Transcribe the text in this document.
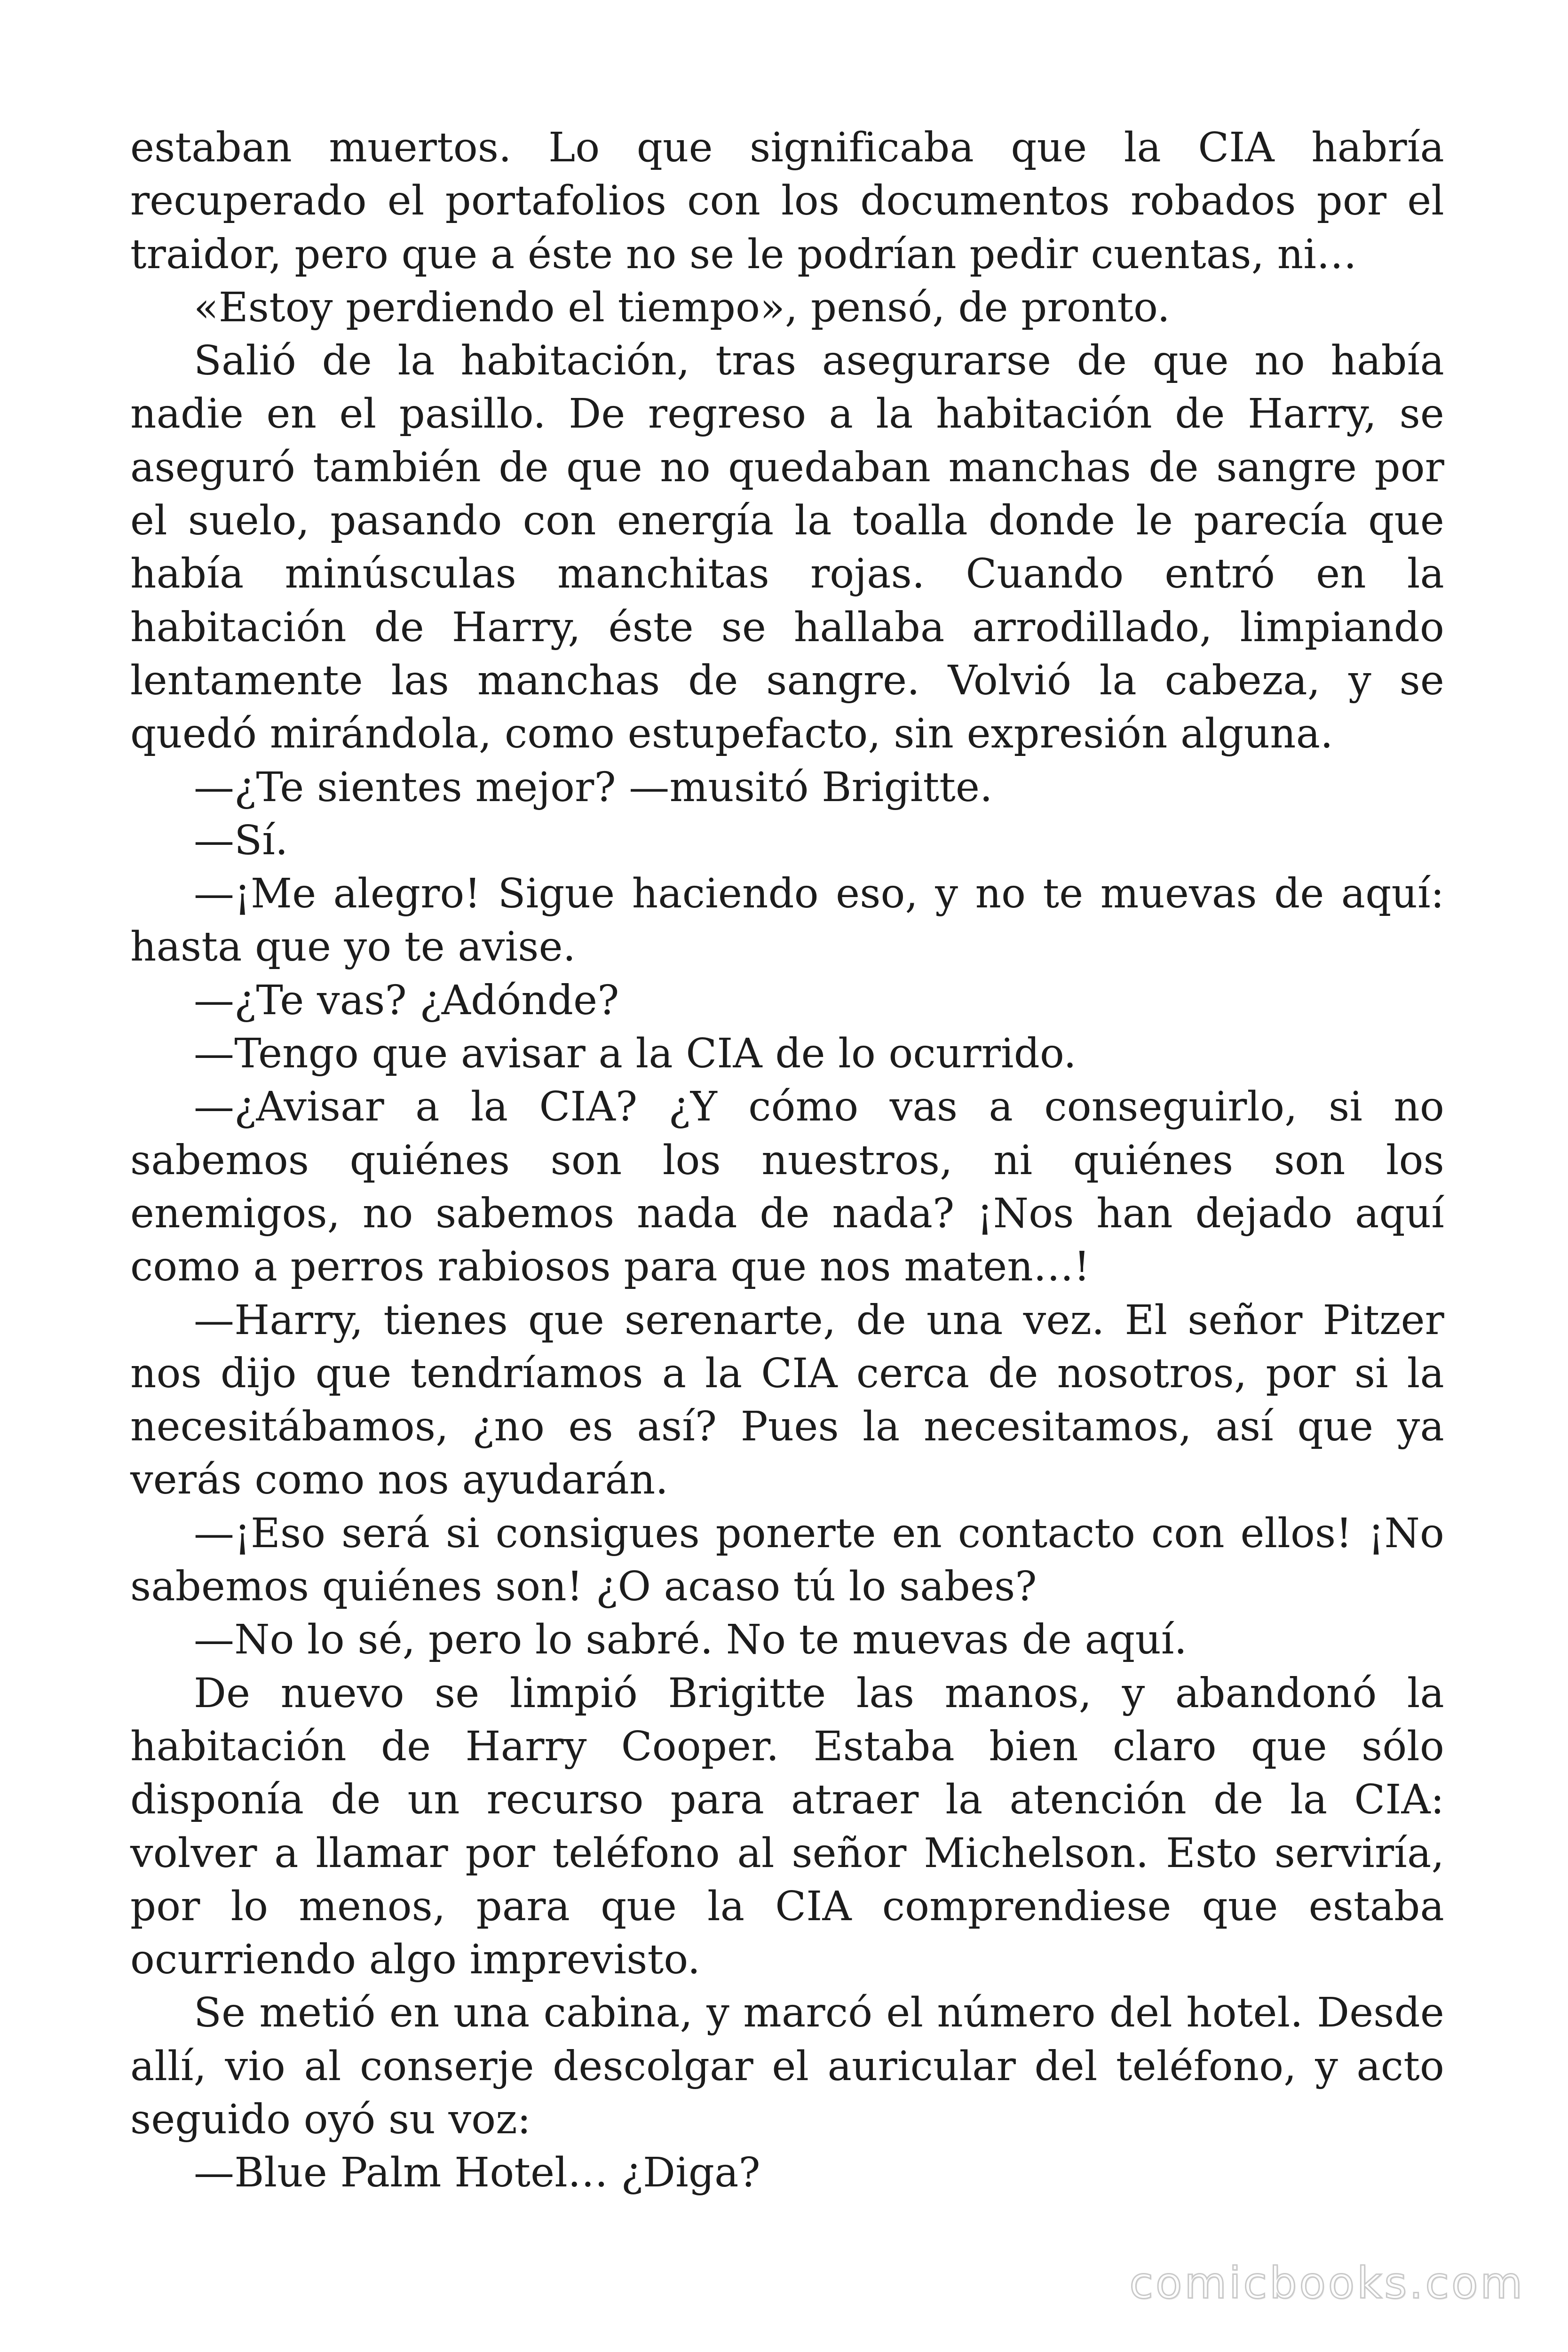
estaban muertos. Lo que significaba que la CIA habría recuperado el portafolios con los documentos robados por el traidor, pero que a éste no se le podrían pedir cuentas, ni…

«Estoy perdiendo el tiempo», pensó, de pronto.

Salió de la habitación, tras asegurarse de que no había nadie en el pasillo. De regreso a la habitación de Harry, se aseguró también de que no quedaban manchas de sangre por el suelo, pasando con energía la toalla donde le parecía que había minúsculas manchitas rojas. Cuando entró en la habitación de Harry, éste se hallaba arrodillado, limpiando lentamente las manchas de sangre. Volvió la cabeza, y se quedó mirándola, como estupefacto, sin expresión alguna.

—¿Te sientes mejor? —musitó Brigitte.

—Sí.

—¡Me alegro! Sigue haciendo eso, y no te muevas de aquí: hasta que yo te avise.

—¿Te vas? ¿Adónde?

—Tengo que avisar a la CIA de lo ocurrido.

—¿Avisar a la CIA? ¿Y cómo vas a conseguirlo, si no sabemos quiénes son los nuestros, ni quiénes son los enemigos, no sabemos nada de nada? ¡Nos han dejado aquí como a perros rabiosos para que nos maten…!

—Harry, tienes que serenarte, de una vez. El señor Pitzer nos dijo que tendríamos a la CIA cerca de nosotros, por si la necesitábamos, ¿no es así? Pues la necesitamos, así que ya verás como nos ayudarán.

—¡Eso será si consigues ponerte en contacto con ellos! ¡No sabemos quiénes son! ¿O acaso tú lo sabes?

—No lo sé, pero lo sabré. No te muevas de aquí.

De nuevo se limpió Brigitte las manos, y abandonó la habitación de Harry Cooper. Estaba bien claro que sólo disponía de un recurso para atraer la atención de la CIA: volver a llamar por teléfono al señor Michelson. Esto serviría, por lo menos, para que la CIA comprendiese que estaba ocurriendo algo imprevisto.

Se metió en una cabina, y marcó el número del hotel. Desde allí, vio al conserje descolgar el auricular del teléfono, y acto seguido oyó su voz:

—Blue Palm Hotel… ¿Diga?

comicbooks.com
